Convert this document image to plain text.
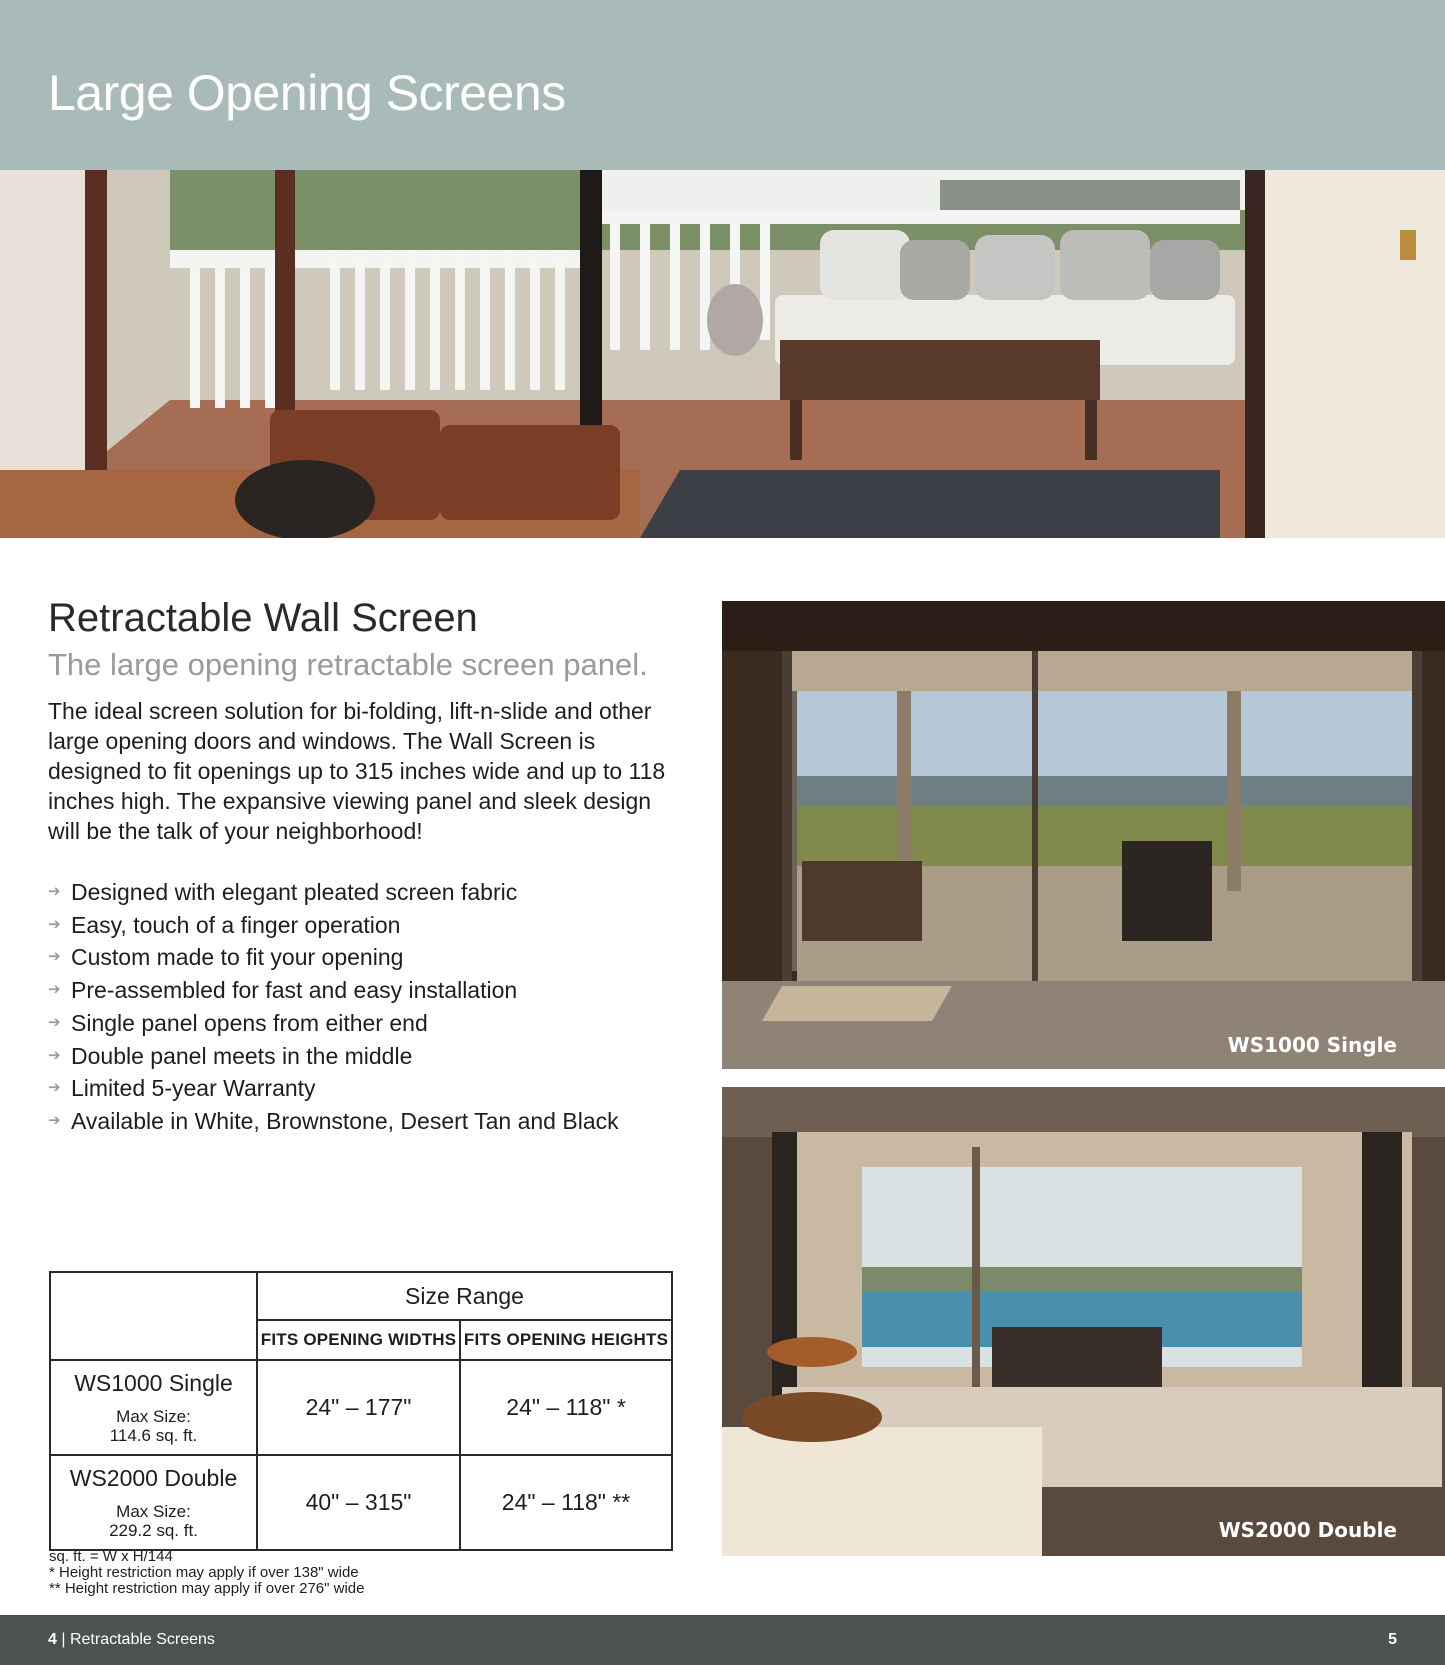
Large Opening Screens
Retractable Wall Screen
The large opening retractable screen panel.
The ideal screen solution for bi-folding, lift-n-slide and other large opening doors and windows. The Wall Screen is designed to fit openings up to 315 inches wide and up to 118 inches high. The expansive viewing panel and sleek design will be the talk of your neighborhood!
➔ Designed with elegant pleated screen fabric
➔ Easy, touch of a finger operation
➔ Custom made to fit your opening
➔ Pre-assembled for fast and easy installation
➔ Single panel opens from either end
➔ Double panel meets in the middle
➔ Limited 5-year Warranty
➔ Available in White, Brownstone, Desert Tan and Black
	Size Range	
	FITS OPENING WIDTHS	FITS OPENING HEIGHTS

WS1000 Single
Max Size:
114.6 sq. ft.	24" – 177"	24" – 118" *

WS2000 Double
Max Size:
229.2 sq. ft.	40" – 315"	24" – 118" **
sq. ft. = W x H/144
* Height restriction may apply if over 138" wide
** Height restriction may apply if over 276" wide
WS1000 Single
WS2000 Double
4 | Retractable Screens	5
